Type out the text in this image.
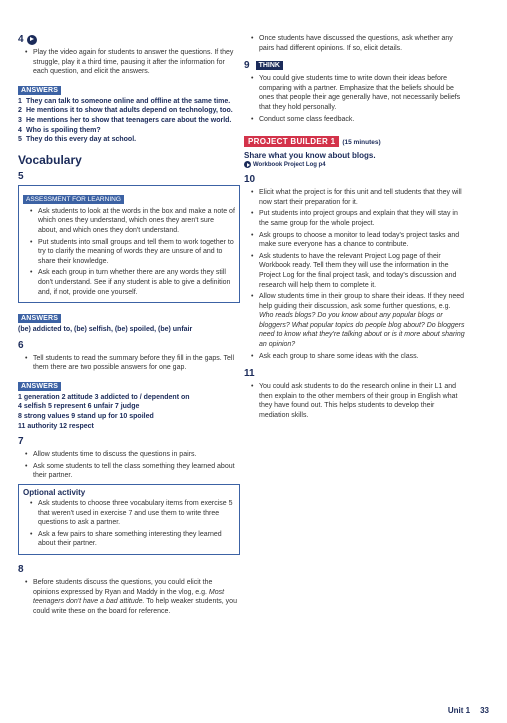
4
• Play the video again for students to answer the questions. If they struggle, play it a third time, pausing it after the information for each question, and elicit the answers.
ANSWERS
1 They can talk to someone online and offline at the same time.
2 He mentions it to show that adults depend on technology, too.
3 He mentions her to show that teenagers care about the world.
4 Who is spoiling them?
5 They do this every day at school.
Vocabulary
5
ASSESSMENT FOR LEARNING
• Ask students to look at the words in the box and make a note of which ones they understand, which ones they aren't sure about, and which ones they don't understand.
• Put students into small groups and tell them to work together to try to clarify the meaning of words they are unsure of and to share their knowledge.
• Ask each group in turn whether there are any words they still don't understand. See if any student is able to give a definition and, if not, provide one yourself.
ANSWERS
(be) addicted to, (be) selfish, (be) spoiled, (be) unfair
6
• Tell students to read the summary before they fill in the gaps. Tell them there are two possible answers for one gap.
ANSWERS
1 generation 2 attitude 3 addicted to / dependent on
4 selfish 5 represent 6 unfair 7 judge
8 strong values 9 stand up for 10 spoiled
11 authority 12 respect
7
• Allow students time to discuss the questions in pairs.
• Ask some students to tell the class something they learned about their partner.
Optional activity
• Ask students to choose three vocabulary items from exercise 5 that weren't used in exercise 7 and use them to write three questions to ask a partner.
• Ask a few pairs to share something interesting they learned about their partner.
8
• Before students discuss the questions, you could elicit the opinions expressed by Ryan and Maddy in the vlog, e.g. Most teenagers don't have a bad attitude. To help weaker students, you could write these on the board for reference.
• Once students have discussed the questions, ask whether any pairs had different opinions. If so, elicit details.
9	THINK
• You could give students time to write down their ideas before comparing with a partner. Emphasize that the beliefs should be ones that people their age generally have, not necessarily beliefs that they hold personally.
• Conduct some class feedback.
PROJECT BUILDER 1 (15 minutes)
Share what you know about blogs.
Workbook Project Log p4
10
• Elicit what the project is for this unit and tell students that they will now start their preparation for it.
• Put students into project groups and explain that they will stay in the same group for the whole project.
• Ask groups to choose a monitor to lead today's project tasks and make sure everyone has a chance to contribute.
• Ask students to have the relevant Project Log page of their Workbook ready. Tell them they will use the information in the Project Log for the final project task, and today's discussion and research will help them to complete it.
• Allow students time in their group to share their ideas. If they need help guiding their discussion, ask some further questions, e.g. Who reads blogs? Do you know about any popular blogs or bloggers? What popular topics do people blog about? Do bloggers need to know what they're talking about or is it more about sharing an opinion?
• Ask each group to share some ideas with the class.
11
• You could ask students to do the research online in their L1 and then explain to the other members of their group in English what they have found out. This helps students to develop their mediation skills.
Unit 1 33
